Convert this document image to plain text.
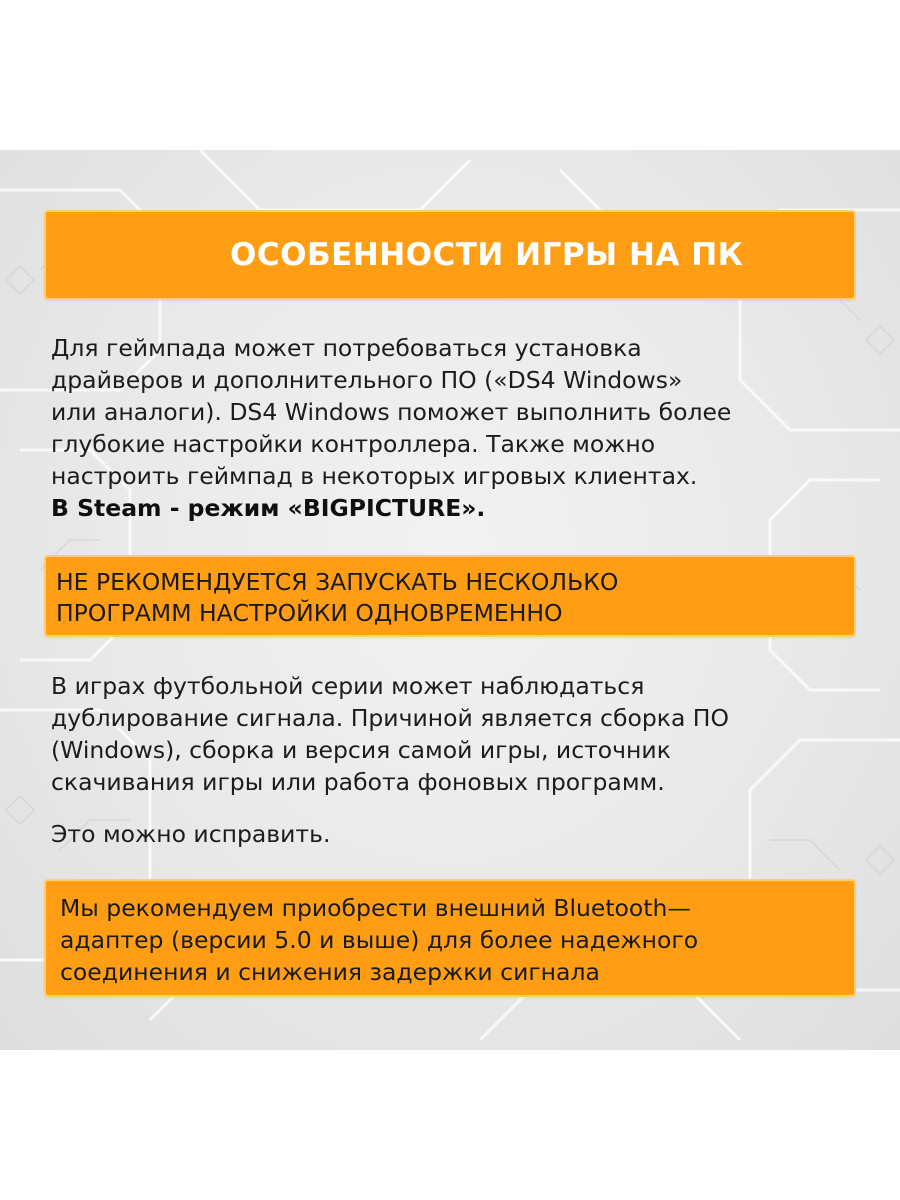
ОСОБЕННОСТИ ИГРЫ НА ПК
Для геймпада может потребоваться установка
драйверов и дополнительного ПО («DS4 Windows»
или аналоги). DS4 Windows поможет выполнить более
глубокие настройки контроллера. Также можно
настроить геймпад в некоторых игровых клиентах.
В Steam - режим «BIGPICTURE».
НЕ РЕКОМЕНДУЕТСЯ ЗАПУСКАТЬ НЕСКОЛЬКО
ПРОГРАММ НАСТРОЙКИ ОДНОВРЕМЕННО
В играх футбольной серии может наблюдаться
дублирование сигнала. Причиной является сборка ПО
(Windows), сборка и версия самой игры, источник
скачивания игры или работа фоновых программ.
Это можно исправить.
Мы рекомендуем приобрести внешний Bluetooth—
адаптер (версии 5.0 и выше) для более надежного
соединения и снижения задержки сигнала
